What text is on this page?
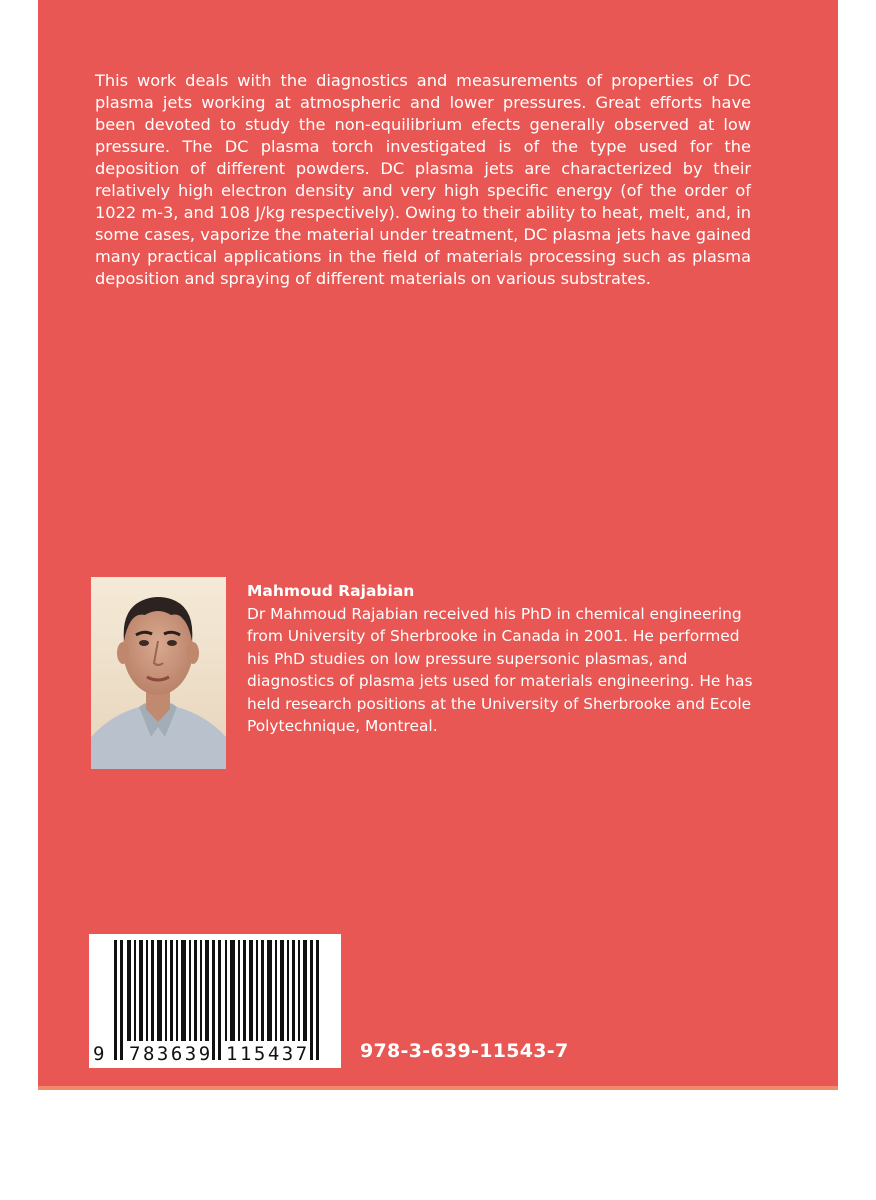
This work deals with the diagnostics and measurements of properties of DC plasma jets working at atmospheric and lower pressures. Great efforts have been devoted to study the non-equilibrium efects generally observed at low pressure. The DC plasma torch investigated is of the type used for the deposition of different powders. DC plasma jets are characterized by their relatively high electron density and very high specific energy (of the order of 1022 m-3, and 108 J/kg respectively). Owing to their ability to heat, melt, and, in some cases, vaporize the material under treatment, DC plasma jets have gained many practical applications in the field of materials processing such as plasma deposition and spraying of different materials on various substrates.

Mahmoud Rajabian

Dr Mahmoud Rajabian received his PhD in chemical engineering from University of Sherbrooke in Canada in 2001. He performed his PhD studies on low pressure supersonic plasmas, and diagnostics of plasma jets used for materials engineering. He has held research positions at the University of Sherbrooke and Ecole Polytechnique, Montreal.

9 783639 115437	978-3-639-11543-7
